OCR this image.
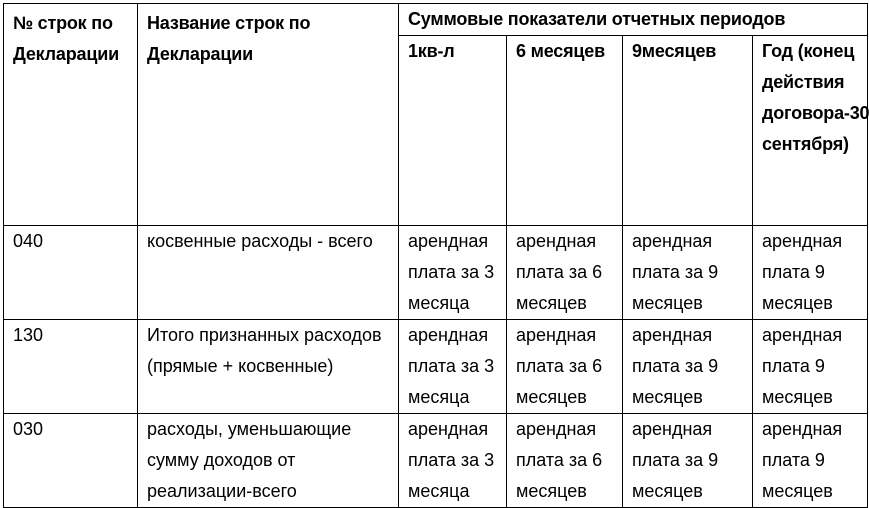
№ строк по Декларации	Название строк по Декларации	Суммовые показатели отчетных периодов			
		1кв-л	6 месяцев	9месяцев	Год (конец действия договора-30 сентября)
040	косвенные расходы - всего	арендная плата за 3 месяца	арендная плата за 6 месяцев	арендная плата за 9 месяцев	арендная плата 9 месяцев
130	Итого признанных расходов (прямые + косвенные)	арендная плата за 3 месяца	арендная плата за 6 месяцев	арендная плата за 9 месяцев	арендная плата 9 месяцев
030	расходы, уменьшающие сумму доходов от реализации-всего	арендная плата за 3 месяца	арендная плата за 6 месяцев	арендная плата за 9 месяцев	арендная плата 9 месяцев
